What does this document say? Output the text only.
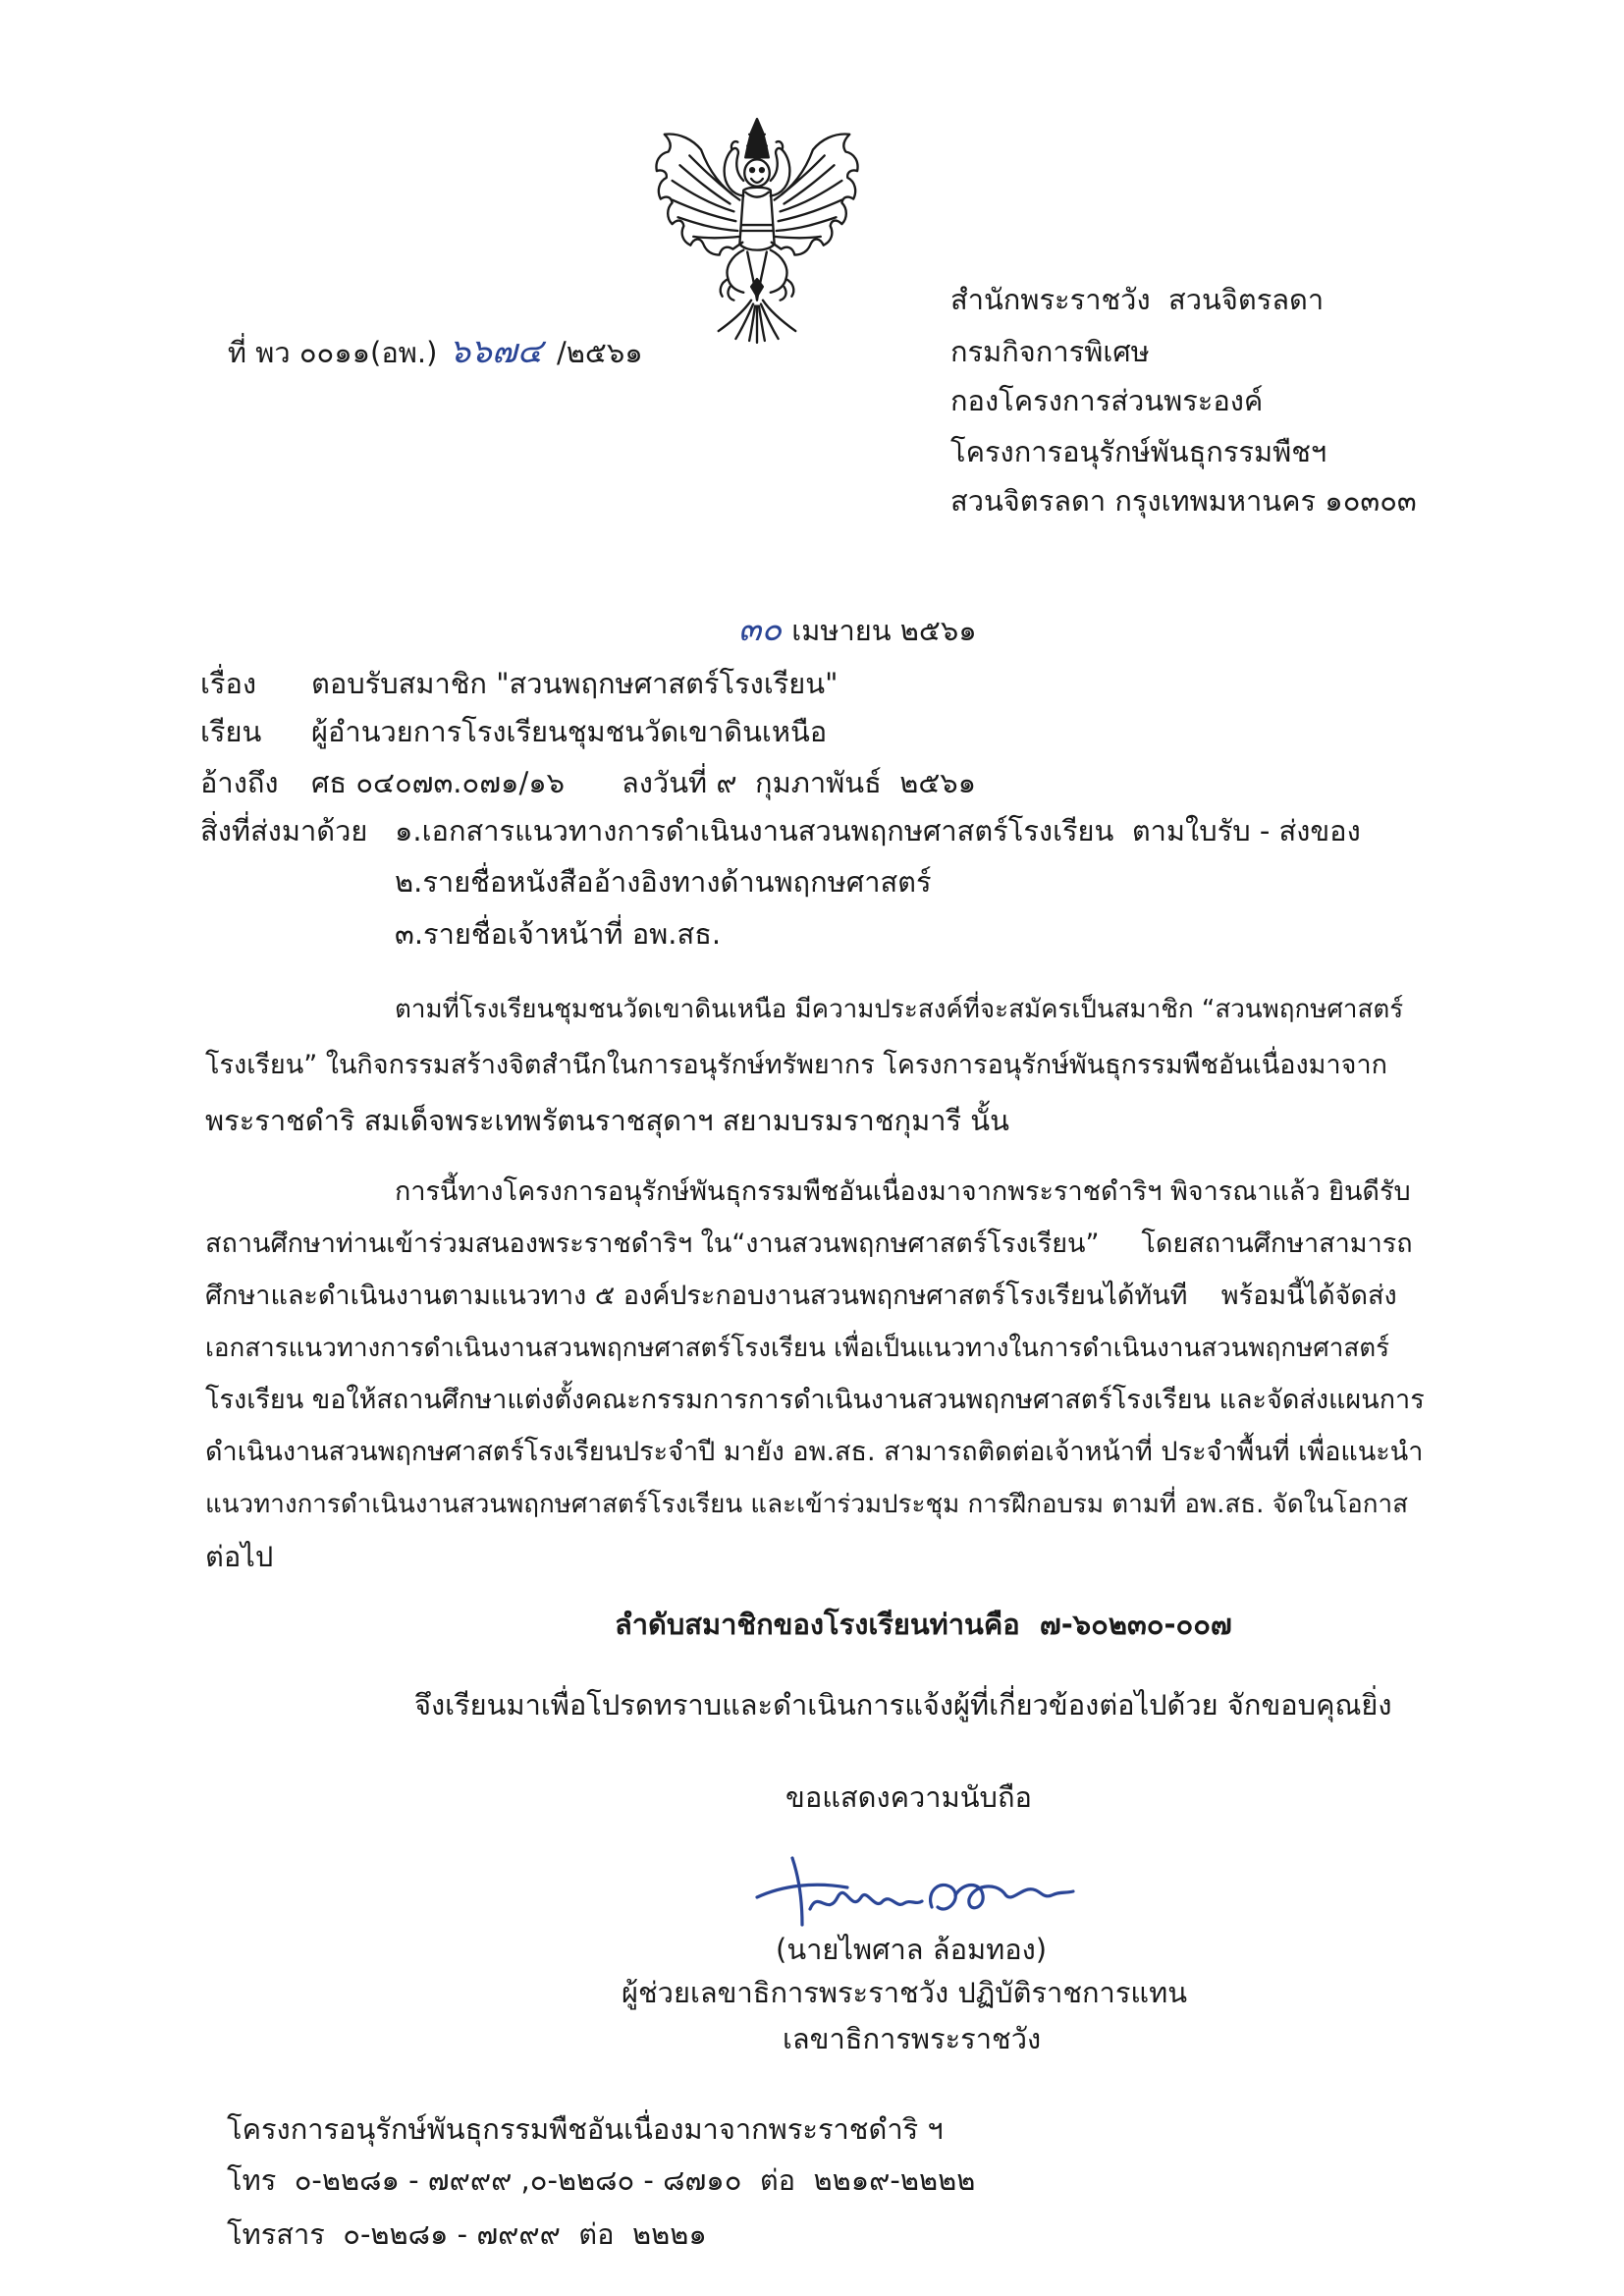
ที่ พว ๐๐๑๑(อพ.) ๖๖๗๔ /๒๕๖๑

สำนักพระราชวัง  สวนจิตรลดา
กรมกิจการพิเศษ
กองโครงการส่วนพระองค์
โครงการอนุรักษ์พันธุกรรมพืชฯ
สวนจิตรลดา กรุงเทพมหานคร ๑๐๓๐๓

๓๐ เมษายน ๒๕๖๑

เรื่อง	ตอบรับสมาชิก "สวนพฤกษศาสตร์โรงเรียน"
เรียน	ผู้อำนวยการโรงเรียนชุมชนวัดเขาดินเหนือ
อ้างถึง	ศธ ๐๔๐๗๓.๐๗๑/๑๖	ลงวันที่ ๙  กุมภาพันธ์  ๒๕๖๑
สิ่งที่ส่งมาด้วย ๑.เอกสารแนวทางการดำเนินงานสวนพฤกษศาสตร์โรงเรียน  ตามใบรับ - ส่งของ
๒.รายชื่อหนังสืออ้างอิงทางด้านพฤกษศาสตร์
๓.รายชื่อเจ้าหน้าที่ อพ.สธ.
ตามที่โรงเรียนชุมชนวัดเขาดินเหนือ มีความประสงค์ที่จะสมัครเป็นสมาชิก “สวนพฤกษศาสตร์
โรงเรียน” ในกิจกรรมสร้างจิตสำนึกในการอนุรักษ์ทรัพยากร โครงการอนุรักษ์พันธุกรรมพืชอันเนื่องมาจาก
พระราชดำริ สมเด็จพระเทพรัตนราชสุดาฯ สยามบรมราชกุมารี นั้น
การนี้ทางโครงการอนุรักษ์พันธุกรรมพืชอันเนื่องมาจากพระราชดำริฯ พิจารณาแล้ว ยินดีรับ
สถานศึกษาท่านเข้าร่วมสนองพระราชดำริฯ ใน“งานสวนพฤกษศาสตร์โรงเรียน”     โดยสถานศึกษาสามารถ
ศึกษาและดำเนินงานตามแนวทาง ๕ องค์ประกอบงานสวนพฤกษศาสตร์โรงเรียนได้ทันที    พร้อมนี้ได้จัดส่ง
เอกสารแนวทางการดำเนินงานสวนพฤกษศาสตร์โรงเรียน เพื่อเป็นแนวทางในการดำเนินงานสวนพฤกษศาสตร์
โรงเรียน ขอให้สถานศึกษาแต่งตั้งคณะกรรมการการดำเนินงานสวนพฤกษศาสตร์โรงเรียน และจัดส่งแผนการ
ดำเนินงานสวนพฤกษศาสตร์โรงเรียนประจำปี มายัง อพ.สธ. สามารถติดต่อเจ้าหน้าที่ ประจำพื้นที่ เพื่อแนะนำ
แนวทางการดำเนินงานสวนพฤกษศาสตร์โรงเรียน และเข้าร่วมประชุม การฝึกอบรม ตามที่ อพ.สธ. จัดในโอกาส
ต่อไป
ลำดับสมาชิกของโรงเรียนท่านคือ  ๗-๖๐๒๓๐-๐๐๗
จึงเรียนมาเพื่อโปรดทราบและดำเนินการแจ้งผู้ที่เกี่ยวข้องต่อไปด้วย จักขอบคุณยิ่ง
ขอแสดงความนับถือ
(นายไพศาล ล้อมทอง)
ผู้ช่วยเลขาธิการพระราชวัง ปฏิบัติราชการแทน
เลขาธิการพระราชวัง
โครงการอนุรักษ์พันธุกรรมพืชอันเนื่องมาจากพระราชดำริ ฯ
โทร  ๐-๒๒๘๑ - ๗๙๙๙ ,๐-๒๒๘๐ - ๘๗๑๐  ต่อ  ๒๒๑๙-๒๒๒๒
โทรสาร  ๐-๒๒๘๑ - ๗๙๙๙  ต่อ  ๒๒๒๑
